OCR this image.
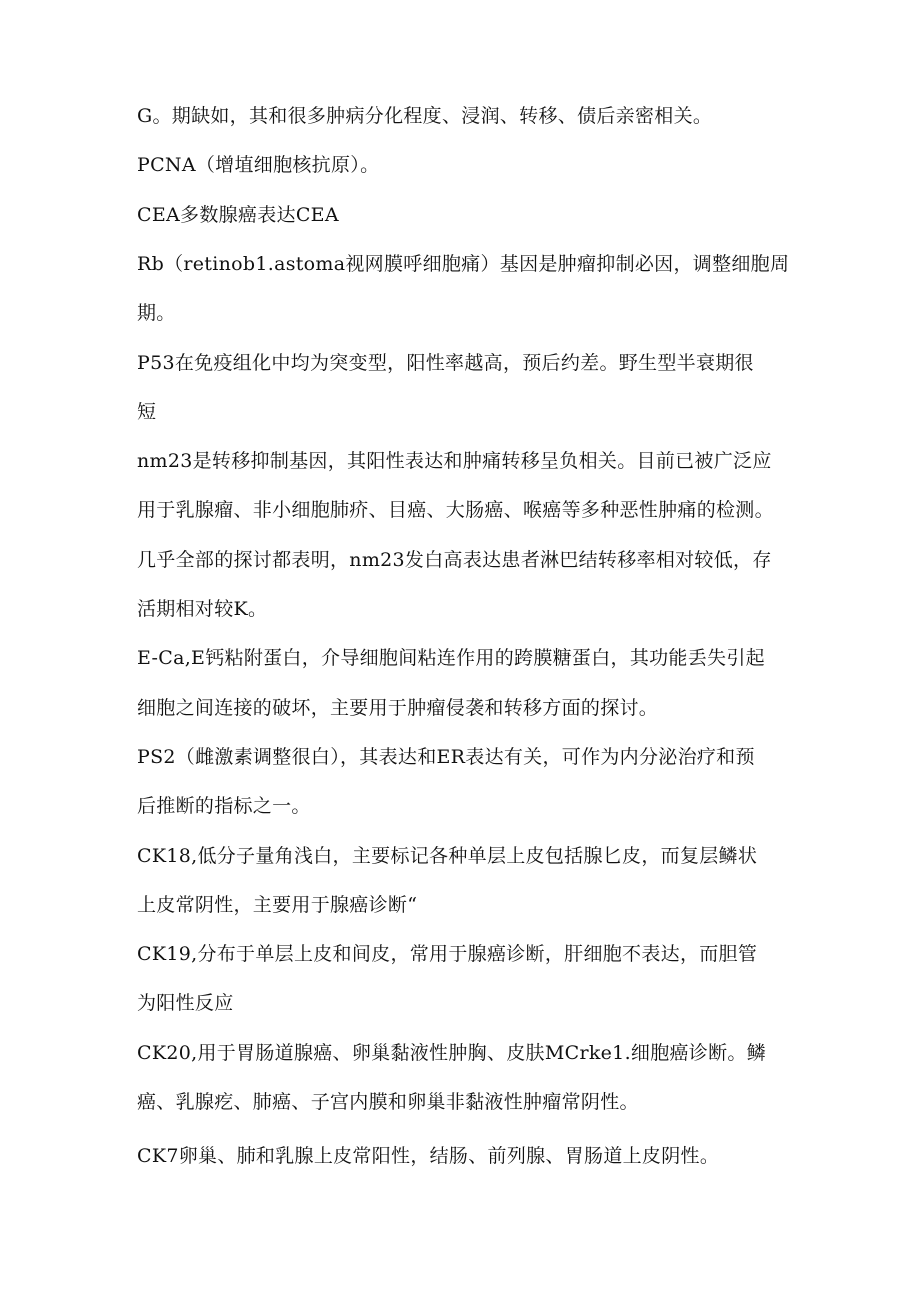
G。期缺如，其和很多肿病分化程度、浸润、转移、债后亲密相关。
PCNA（增埴细胞核抗原）。
CEA多数腺癌表达CEA
Rb（retinob1.astoma视网膜呼细胞痛）基因是肿瘤抑制必因，调整细胞周
期。
P53在免疫组化中均为突变型，阳性率越高，预后约差。野生型半衰期很
短
nm23是转移抑制基因，其阳性表达和肿痛转移呈负相关。目前已被广泛应
用于乳腺瘤、非小细胞肺疥、目癌、大肠癌、喉癌等多种恶性肿痛的检测。
几乎全部的探讨都表明，nm23发白高表达患者淋巴结转移率相对较低，存
活期相对较K。
E-Ca,E钙粘附蛋白，介导细胞间粘连作用的跨膜糖蛋白，其功能丢失引起
细胞之间连接的破坏，主要用于肿瘤侵袭和转移方面的探讨。
PS2（雌激素调整很白），其表达和ER表达有关，可作为内分泌治疗和预
后推断的指标之一。
CK18,低分子量角浅白，主要标记各种单层上皮包括腺匕皮，而复层鳞状
上皮常阴性，主要用于腺癌诊断“
CK19,分布于单层上皮和间皮，常用于腺癌诊断，肝细胞不表达，而胆管
为阳性反应
CK20,用于胃肠道腺癌、卵巢黏液性肿胸、皮肤MCrke1.细胞癌诊断。鳞
癌、乳腺疙、肺癌、子宫内膜和卵巢非黏液性肿瘤常阴性。
CK7卵巢、肺和乳腺上皮常阳性，结肠、前列腺、胃肠道上皮阴性。
